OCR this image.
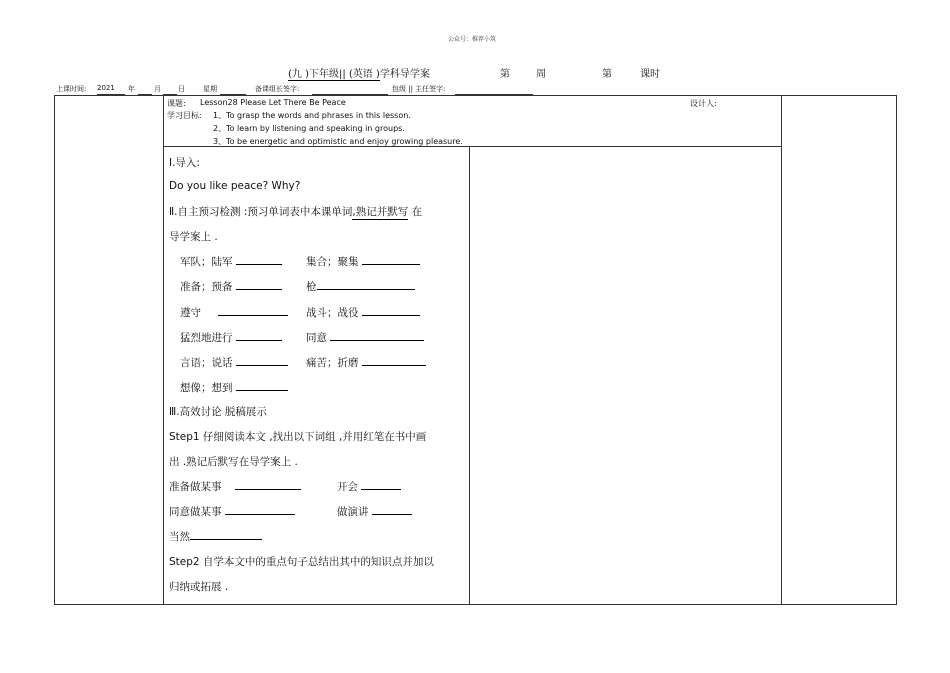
公众号：推荐小筑
(九 )下年级|| (英语 )学科导学案	第	周	第	课时
上课时间: 2021 年	月 日	星期	备课组长签字:	包级 || 主任签字:
课题: Lesson28 Please Let There Be Peace	设计人:
学习目标: 1、To grasp the words and phrases in this lesson.
2、To learn by listening and speaking in groups.
3、To be energetic and optimistic and enjoy growing pleasure.
Ⅰ.导入:
Do you like peace? Why?
Ⅱ.自主预习检测 :预习单词表中本课单词,熟记并默写 在
导学案上 .
军队；陆军	集合；聚集
准备；预备	枪
遵守	战斗；战役
猛烈地进行	同意
言语；说话	痛苦；折磨
想像；想到
Ⅲ.高效讨论 脱稿展示
Step1 仔细阅读本文 ,找出以下词组 ,并用红笔在书中画
出 .熟记后默写在导学案上 .
准备做某事	开会
同意做某事	做演讲
当然
Step2 自学本文中的重点句子总结出其中的知识点并加以
归纳或拓展 .
